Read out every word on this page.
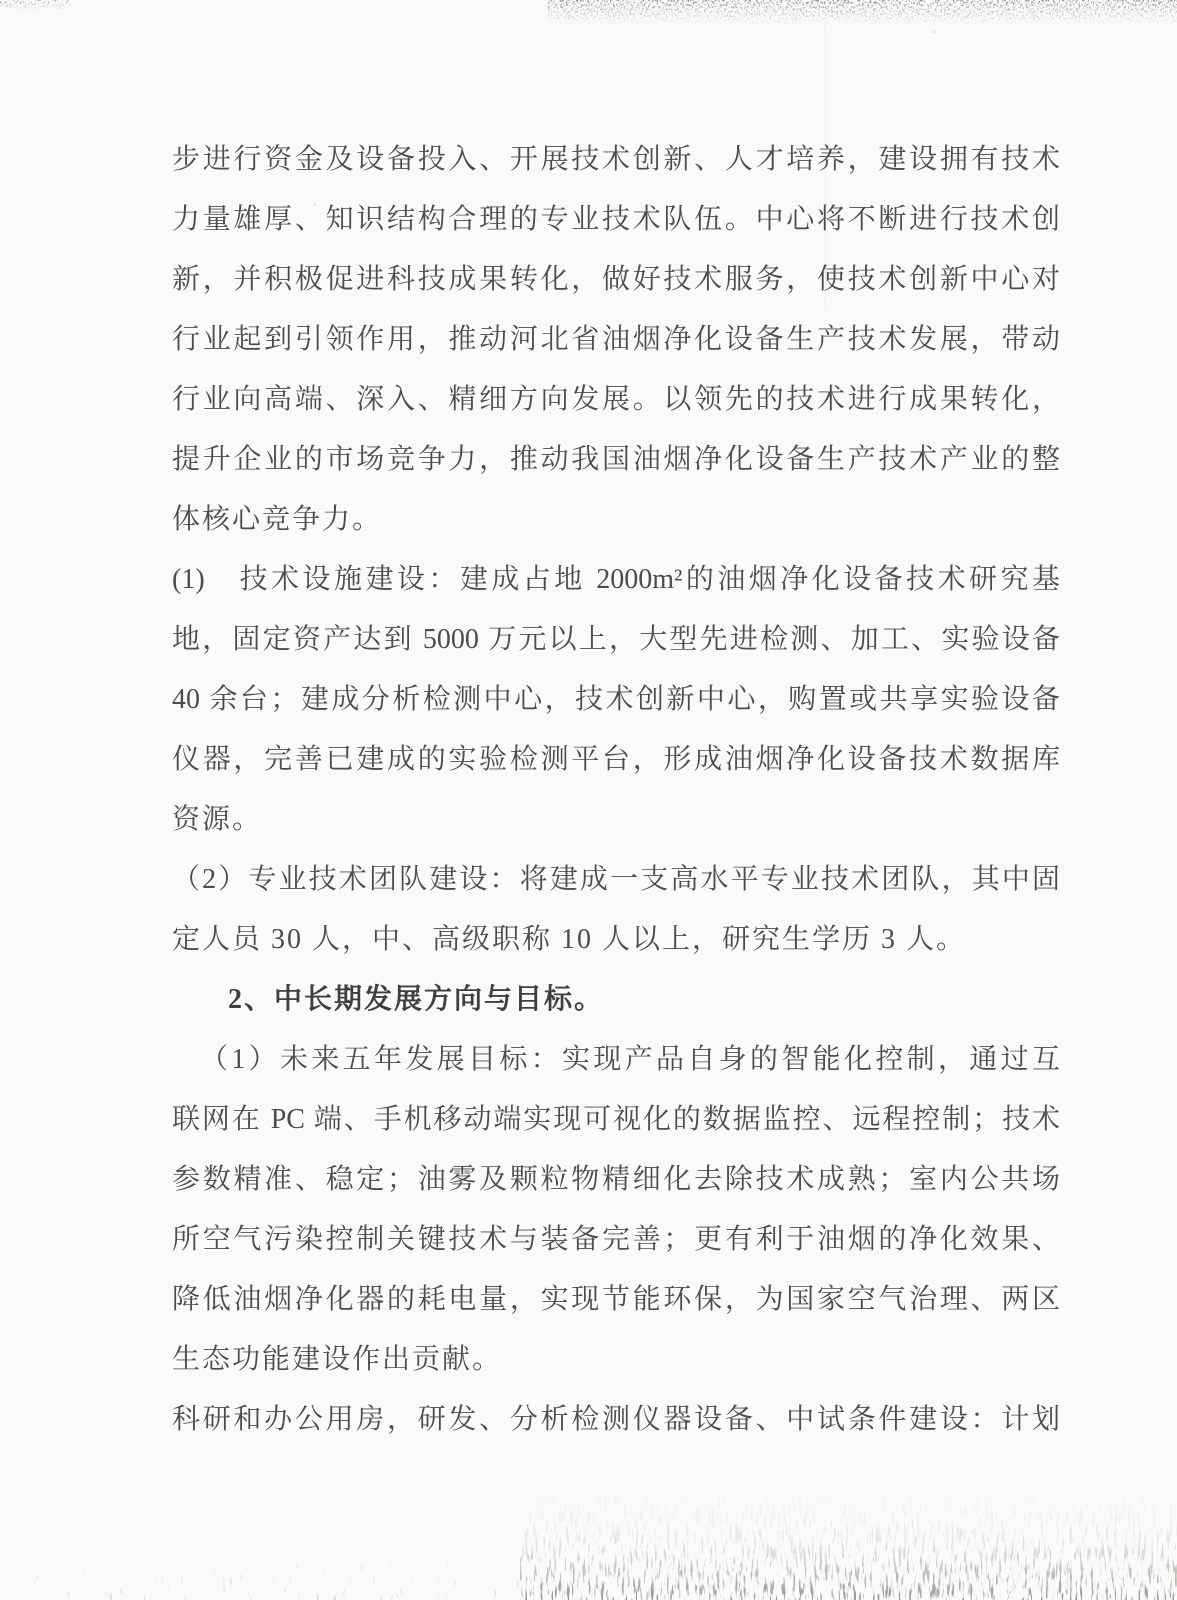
步进行资金及设备投入、开展技术创新、人才培养，建设拥有技术
力量雄厚、知识结构合理的专业技术队伍。中心将不断进行技术创
新，并积极促进科技成果转化，做好技术服务，使技术创新中心对
行业起到引领作用，推动河北省油烟净化设备生产技术发展，带动
行业向高端、深入、精细方向发展。以领先的技术进行成果转化，
提升企业的市场竞争力，推动我国油烟净化设备生产技术产业的整
体核心竞争力。
(1)　技术设施建设：建成占地 2000m²的油烟净化设备技术研究基
地，固定资产达到 5000 万元以上，大型先进检测、加工、实验设备
40 余台；建成分析检测中心，技术创新中心，购置或共享实验设备
仪器，完善已建成的实验检测平台，形成油烟净化设备技术数据库
资源。
（2）专业技术团队建设：将建成一支高水平专业技术团队，其中固
定人员 30 人，中、高级职称 10 人以上，研究生学历 3 人。
2、中长期发展方向与目标。
（1）未来五年发展目标：实现产品自身的智能化控制，通过互
联网在 PC 端、手机移动端实现可视化的数据监控、远程控制；技术
参数精准、稳定；油雾及颗粒物精细化去除技术成熟；室内公共场
所空气污染控制关键技术与装备完善；更有利于油烟的净化效果、
降低油烟净化器的耗电量，实现节能环保，为国家空气治理、两区
生态功能建设作出贡献。
科研和办公用房，研发、分析检测仪器设备、中试条件建设：计划
